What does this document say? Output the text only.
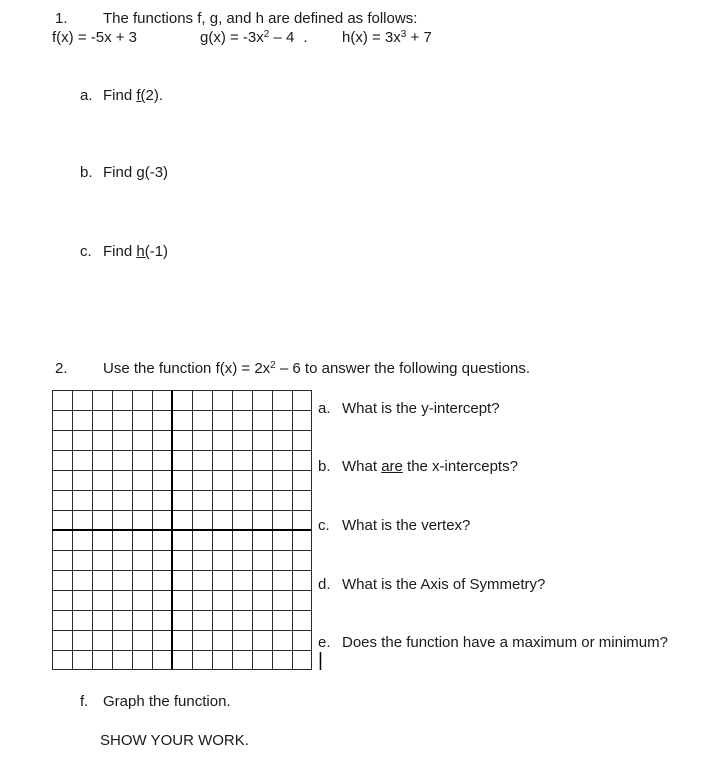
1. The functions f, g, and h are defined as follows:
f(x) = -5x + 3	$g(x) = -3x^2 - 4$ . $h(x) = 3x^3 + 7$
a. Find f(2).
b. Find g(-3)
c. Find h(-1)
2. Use the function $f(x) = 2x^2 - 6$ to answer the following questions.
a. What is the y-intercept?
b. What are the x-intercepts?
c. What is the vertex?
d. What is the Axis of Symmetry?
e. Does the function have a maximum or minimum?
|
f. Graph the function.
SHOW YOUR WORK.
